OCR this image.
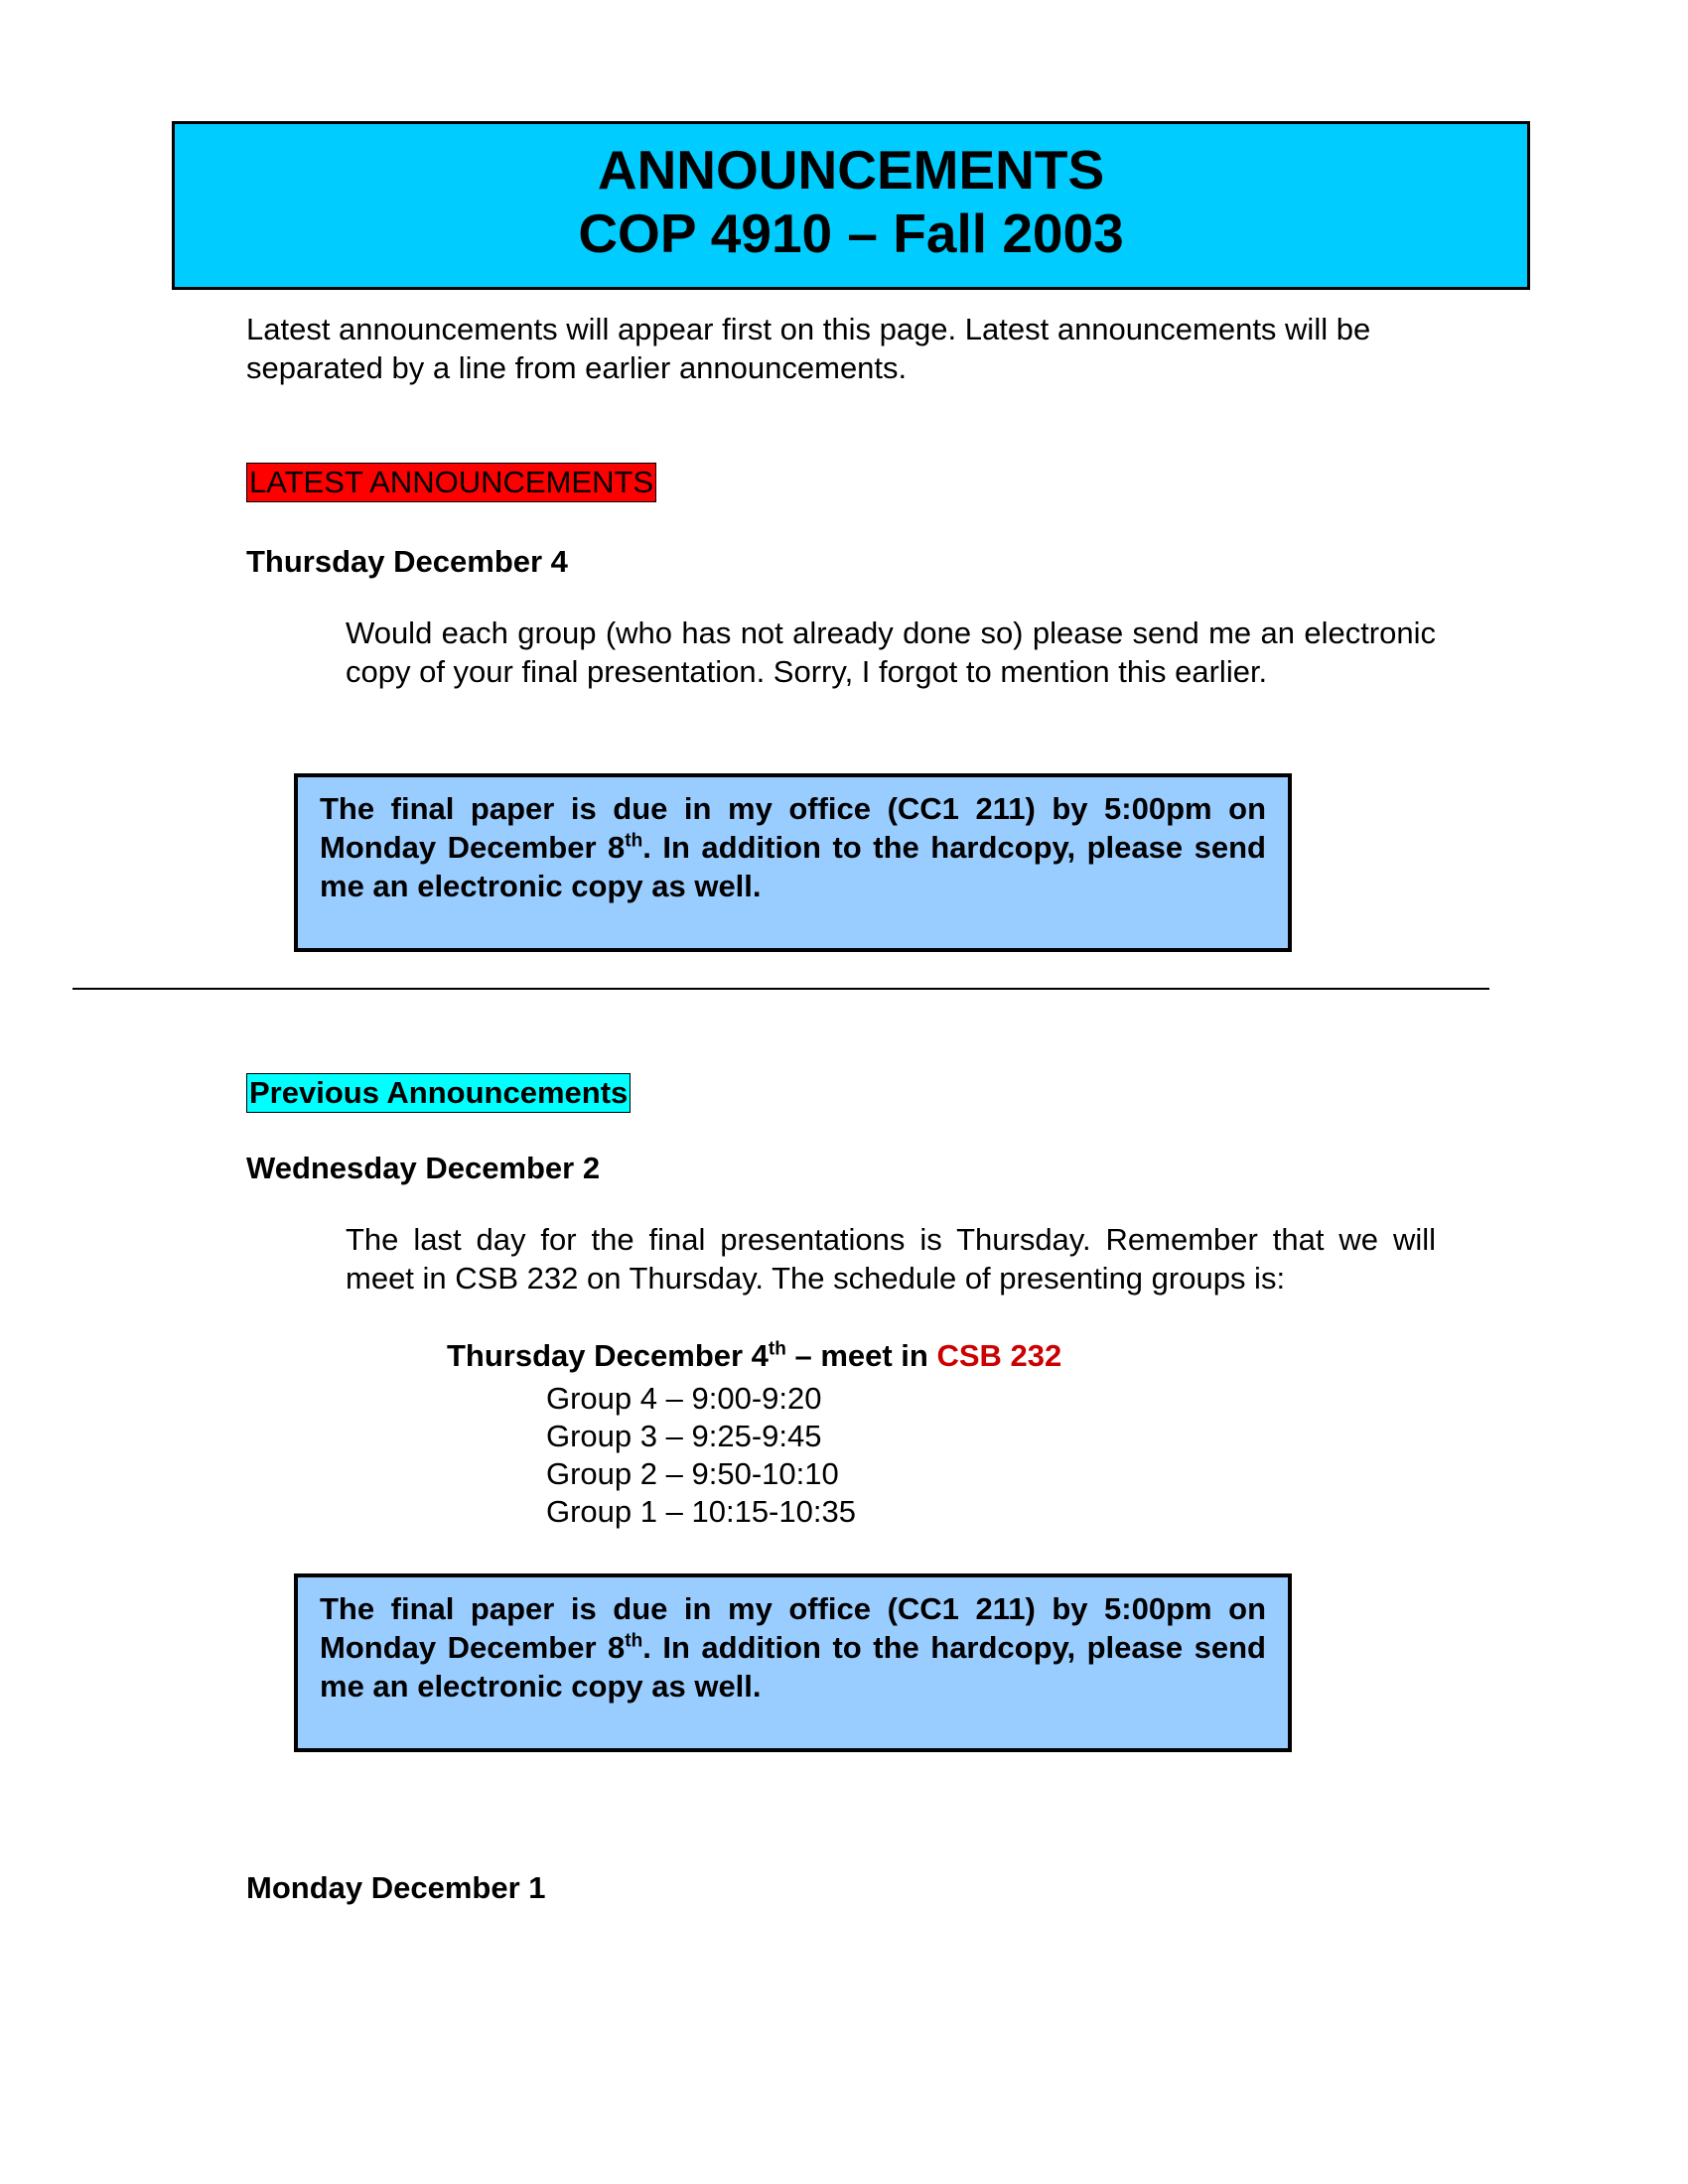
ANNOUNCEMENTS
COP 4910 – Fall 2003

Latest announcements will appear first on this page. Latest announcements will be separated by a line from earlier announcements.

LATEST ANNOUNCEMENTS
Thursday December 4

Would each group (who has not already done so) please send me an electronic copy of your final presentation. Sorry, I forgot to mention this earlier.

The final paper is due in my office (CC1 211) by 5:00pm on Monday December 8th. In addition to the hardcopy, please send me an electronic copy as well.
Previous Announcements
Wednesday December 2

The last day for the final presentations is Thursday. Remember that we will meet in CSB 232 on Thursday. The schedule of presenting groups is:

Thursday December 4th – meet in CSB 232
Group 4 – 9:00-9:20
Group 3 – 9:25-9:45
Group 2 – 9:50-10:10
Group 1 – 10:15-10:35
The final paper is due in my office (CC1 211) by 5:00pm on Monday December 8th. In addition to the hardcopy, please send me an electronic copy as well.
Monday December 1
